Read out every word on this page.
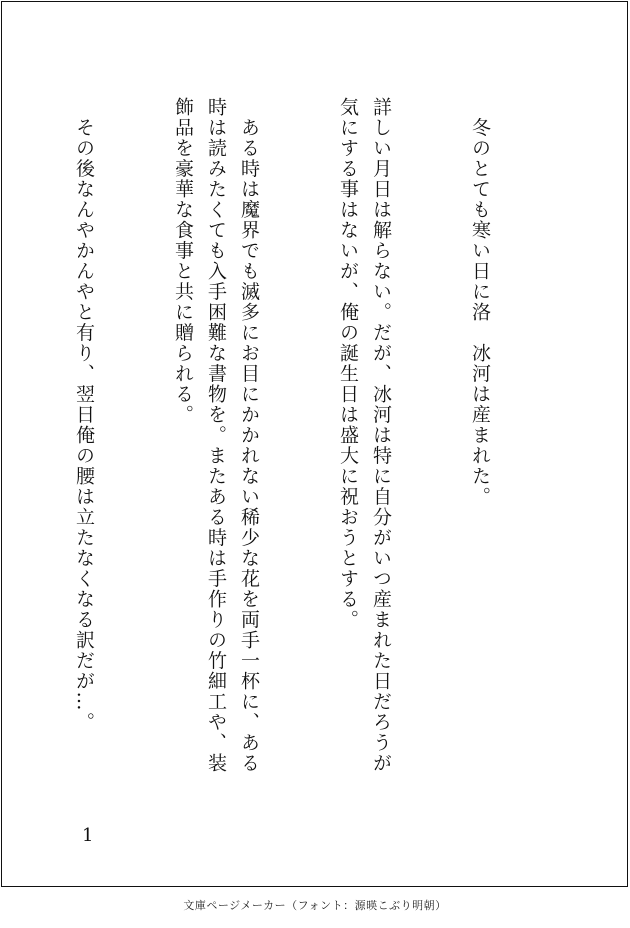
　冬のとても寒い日に洛　冰河は産まれた。

詳しい月日は解らない。だが、冰河は特に自分がいつ産まれた日だろうが気にする事はないが、俺の誕生日は盛大に祝おうとする。

　ある時は魔界でも滅多にお目にかかれない稀少な花を両手一杯に、ある時は読みたくても入手困難な書物を。またある時は手作りの竹細工や、装飾品を豪華な食事と共に贈られる。

　その後なんやかんやと有り、翌日俺の腰は立たなくなる訳だが…。

1
文庫ページメーカー（フォント：源暎こぶり明朝）
